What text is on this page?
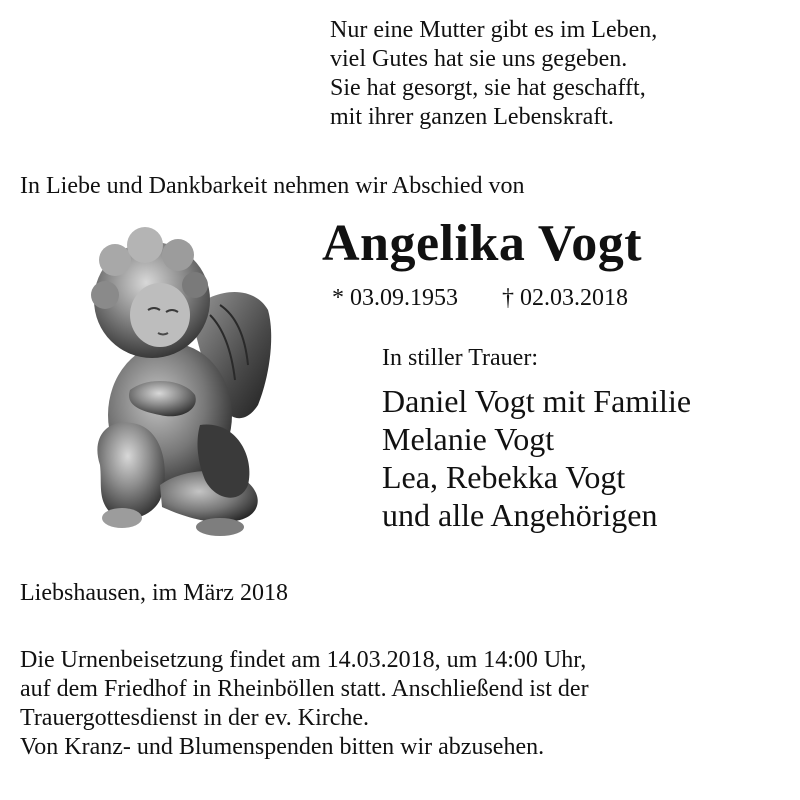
Nur eine Mutter gibt es im Leben,
viel Gutes hat sie uns gegeben.
Sie hat gesorgt, sie hat geschafft,
mit ihrer ganzen Lebenskraft.
In Liebe und Dankbarkeit nehmen wir Abschied von
Angelika Vogt
* 03.09.1953 † 02.03.2018
In stiller Trauer:
Daniel Vogt mit Familie
Melanie Vogt
Lea, Rebekka Vogt
und alle Angehörigen
Liebshausen, im März 2018
Die Urnenbeisetzung findet am 14.03.2018, um 14:00 Uhr,
auf dem Friedhof in Rheinböllen statt. Anschließend ist der
Trauergottesdienst in der ev. Kirche.
Von Kranz- und Blumenspenden bitten wir abzusehen.
